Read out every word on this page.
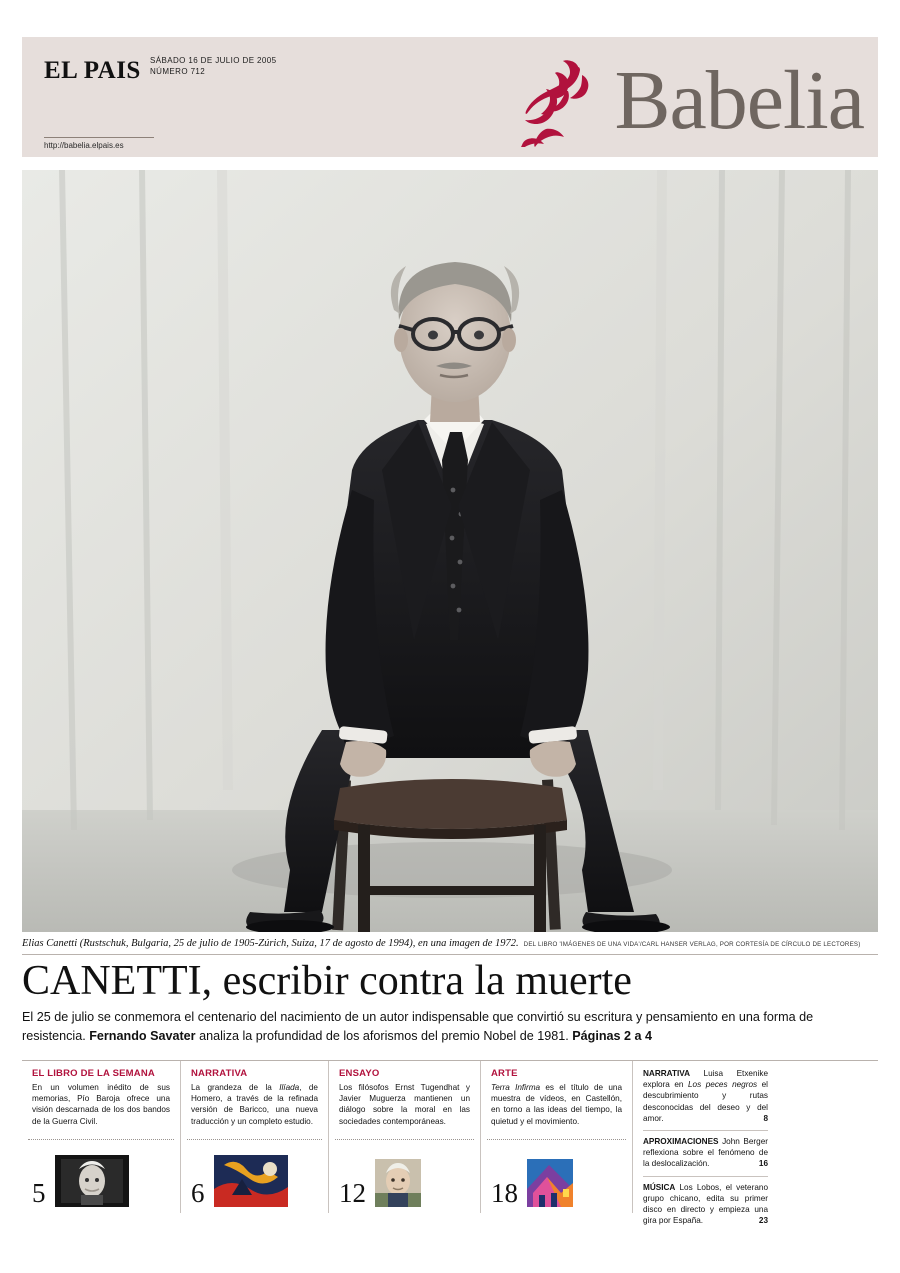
EL PAIS SÁBADO 16 DE JULIO DE 2005
NÚMERO 712
http://babelia.elpais.es	Babelia
Elias Canetti (Rustschuk, Bulgaria, 25 de julio de 1905-Zúrich, Suiza, 17 de agosto de 1994), en una imagen de 1972. DEL LIBRO 'IMÁGENES DE UNA VIDA'/CARL HANSER VERLAG, POR CORTESÍA DE CÍRCULO DE LECTORES)
CANETTI, escribir contra la muerte
El 25 de julio se conmemora el centenario del nacimiento de un autor indispensable que convirtió su escritura y pensamiento en una forma de resistencia. Fernando Savater analiza la profundidad de los aforismos del premio Nobel de 1981. Páginas 2 a 4
EL LIBRO DE LA SEMANA
En un volumen inédito de sus memorias, Pío Baroja ofrece una visión descarnada de los dos bandos de la Guerra Civil.
5
NARRATIVA
La grandeza de la Ilíada, de Homero, a través de la refinada versión de Baricco, una nueva traducción y un completo estudio.
6
ENSAYO
Los filósofos Ernst Tugendhat y Javier Muguerza mantienen un diálogo sobre la moral en las sociedades contemporáneas.
12
ARTE
Terra Infirma es el título de una muestra de vídeos, en Castellón, en torno a las ideas del tiempo, la quietud y el movimiento.
18
NARRATIVA Luisa Etxenike explora en Los peces negros el descubrimiento y rutas desconocidas del deseo y del amor.	8
APROXIMACIONES John Berger reflexiona sobre el fenómeno de la deslocalización.	16
MÚSICA Los Lobos, el veterano grupo chicano, edita su primer disco en directo y empieza una gira por España.	23
